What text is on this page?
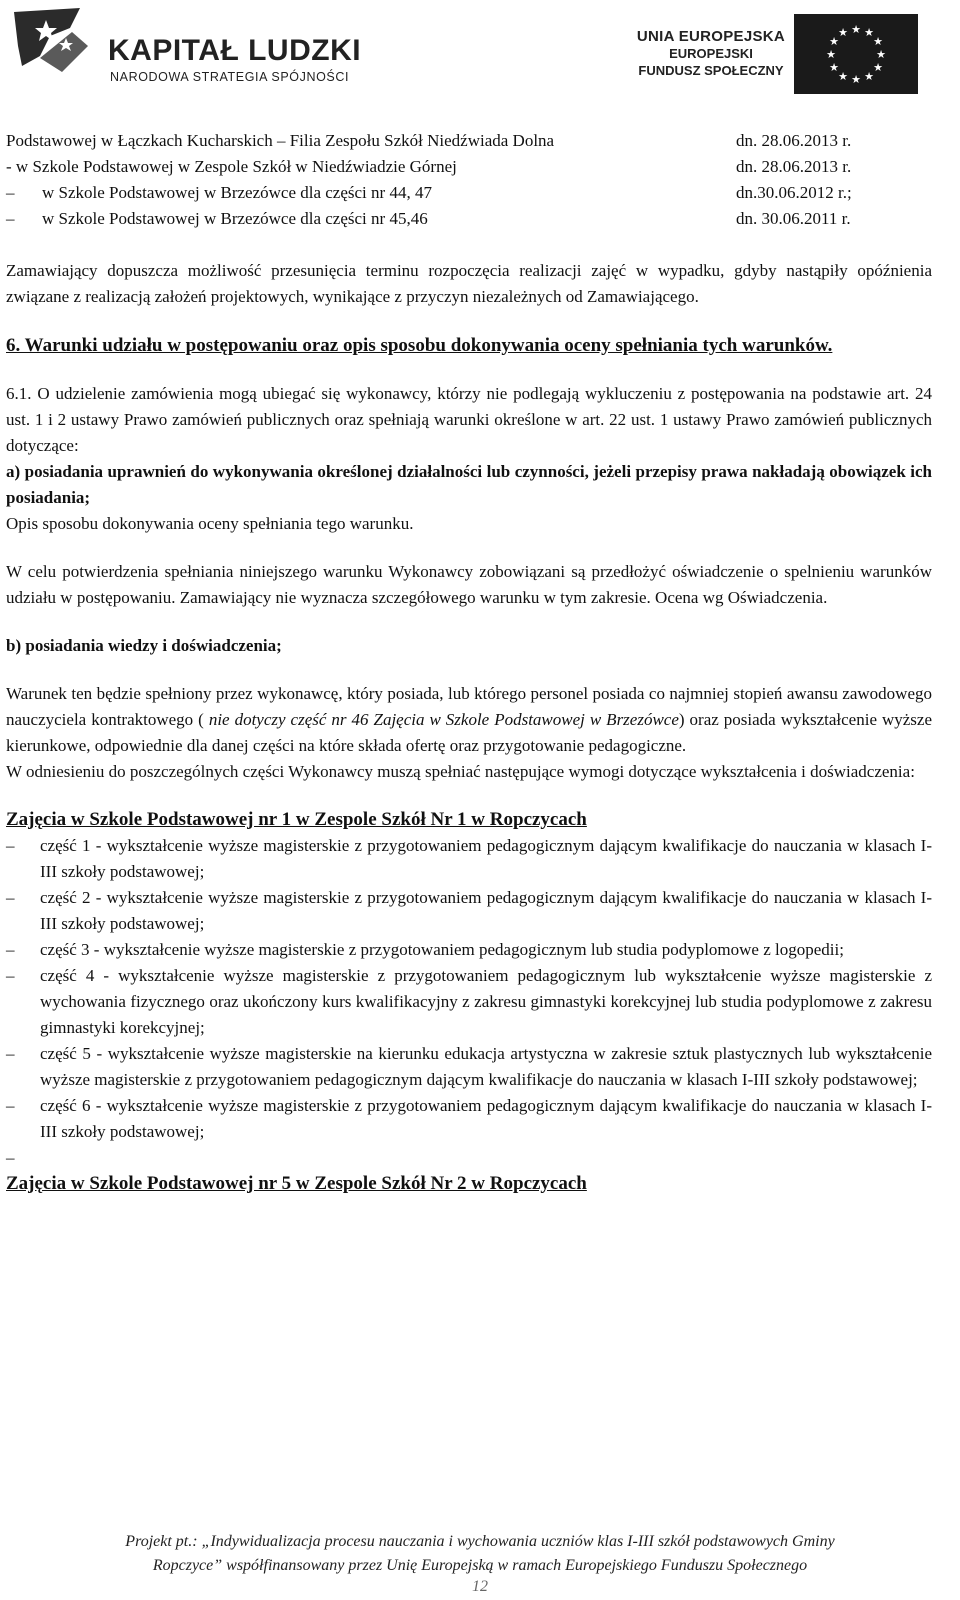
KAPITAŁ LUDZKI
NARODOWA STRATEGIA SPÓJNOŚCI
UNIA EUROPEJSKA
EUROPEJSKI
FUNDUSZ SPOŁECZNY
★ ★
★
★
★
★
★
★
★
★
★
★
Podstawowej w Łączkach Kucharskich – Filia Zespołu Szkół Niedźwiada Dolna	dn. 28.06.2013 r.
- w Szkole Podstawowej w Zespole Szkół w Niedźwiadzie Górnej	dn. 28.06.2013 r.
– w Szkole Podstawowej w Brzezówce dla części nr 44, 47	dn.30.06.2012 r.;
– w Szkole Podstawowej w Brzezówce dla części nr 45,46	dn. 30.06.2011 r.

Zamawiający dopuszcza możliwość przesunięcia terminu rozpoczęcia realizacji zajęć w wypadku, gdyby nastąpiły opóźnienia związane z realizacją założeń projektowych, wynikające z przyczyn niezależnych od Zamawiającego.

6. Warunki udziału w postępowaniu oraz opis sposobu dokonywania oceny spełniania tych warunków.

6.1. O udzielenie zamówienia mogą ubiegać się wykonawcy, którzy nie podlegają wykluczeniu z postępowania na podstawie art. 24 ust. 1 i 2 ustawy Prawo zamówień publicznych oraz spełniają warunki określone w art. 22 ust. 1 ustawy Prawo zamówień publicznych dotyczące:

a) posiadania uprawnień do wykonywania określonej działalności lub czynności, jeżeli przepisy prawa nakładają obowiązek ich posiadania;

Opis sposobu dokonywania oceny spełniania tego warunku.

W celu potwierdzenia spełniania niniejszego warunku Wykonawcy zobowiązani są przedłożyć oświadczenie o spelnieniu warunków udziału w postępowaniu. Zamawiający nie wyznacza szczegółowego warunku w tym zakresie. Ocena wg Oświadczenia.

b) posiadania wiedzy i doświadczenia;

Warunek ten będzie spełniony przez wykonawcę, który posiada, lub którego personel posiada co najmniej stopień awansu zawodowego nauczyciela kontraktowego ( nie dotyczy część nr 46 Zajęcia w Szkole Podstawowej w Brzezówce) oraz posiada wykształcenie wyższe kierunkowe, odpowiednie dla danej części na które składa ofertę oraz przygotowanie pedagogiczne.

W odniesieniu do poszczególnych części Wykonawcy muszą spełniać następujące wymogi dotyczące wykształcenia i doświadczenia:

Zajęcia w Szkole Podstawowej nr 1 w Zespole Szkół Nr 1 w Ropczycach
–	część 1 - wykształcenie wyższe magisterskie z przygotowaniem pedagogicznym dającym kwalifikacje do nauczania w klasach I-III szkoły podstawowej;
–	część 2 - wykształcenie wyższe magisterskie z przygotowaniem pedagogicznym dającym kwalifikacje do nauczania w klasach I-III szkoły podstawowej;
–	część 3 - wykształcenie wyższe magisterskie z przygotowaniem pedagogicznym lub studia podyplomowe z logopedii;
–	część 4 - wykształcenie wyższe magisterskie z przygotowaniem pedagogicznym lub wykształcenie wyższe magisterskie z wychowania fizycznego oraz ukończony kurs kwalifikacyjny z zakresu gimnastyki korekcyjnej lub studia podyplomowe z zakresu gimnastyki korekcyjnej;
–	część 5 - wykształcenie wyższe magisterskie na kierunku edukacja artystyczna w zakresie sztuk plastycznych lub wykształcenie wyższe magisterskie z przygotowaniem pedagogicznym dającym kwalifikacje do nauczania w klasach I-III szkoły podstawowej;
–	część 6 - wykształcenie wyższe magisterskie z przygotowaniem pedagogicznym dającym kwalifikacje do nauczania w klasach I-III szkoły podstawowej;
–
Zajęcia w Szkole Podstawowej nr 5 w Zespole Szkół Nr 2 w Ropczycach
Projekt pt.: „Indywidualizacja procesu nauczania i wychowania uczniów klas I-III szkół podstawowych Gminy
Ropczyce” współfinansowany przez Unię Europejską w ramach Europejskiego Funduszu Społecznego
12
